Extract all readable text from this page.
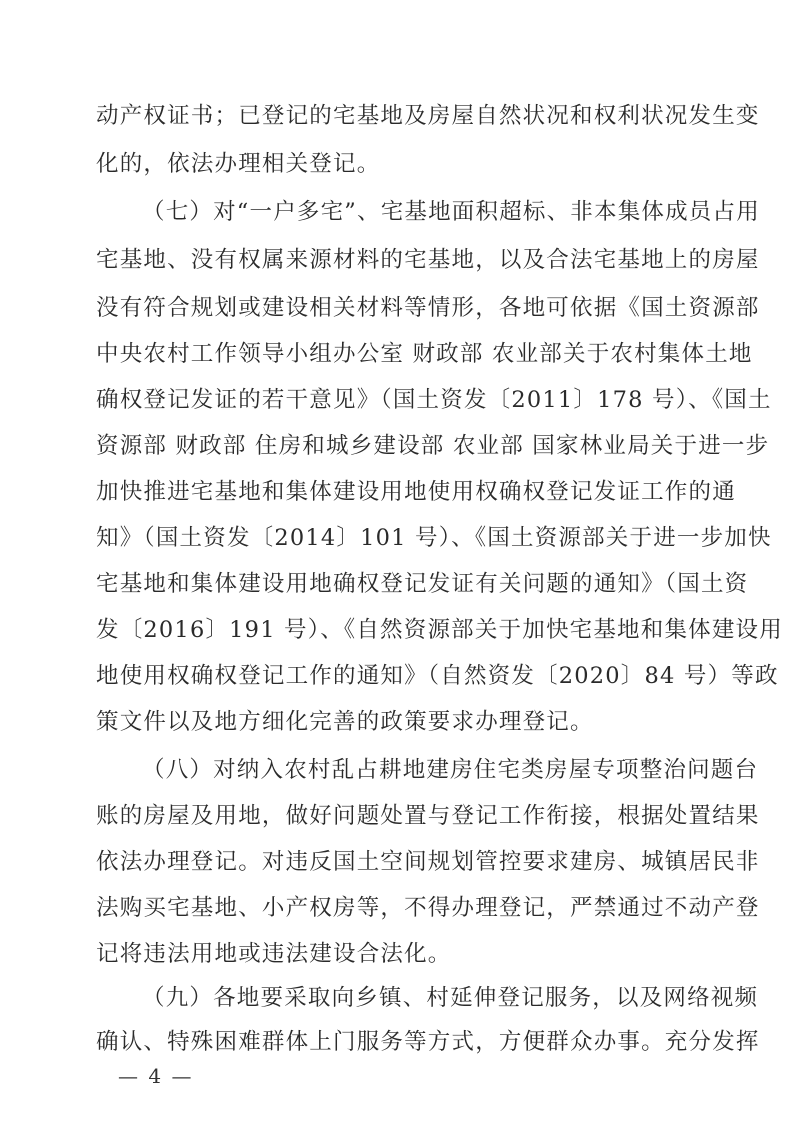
动产权证书；已登记的宅基地及房屋自然状况和权利状况发生变
化的，依法办理相关登记。
（七）对“一户多宅”、宅基地面积超标、非本集体成员占用
宅基地、没有权属来源材料的宅基地，以及合法宅基地上的房屋
没有符合规划或建设相关材料等情形，各地可依据《国土资源部
中央农村工作领导小组办公室 财政部 农业部关于农村集体土地
确权登记发证的若干意见》（国土资发〔2011〕178 号）、《国土
资源部 财政部 住房和城乡建设部 农业部 国家林业局关于进一步
加快推进宅基地和集体建设用地使用权确权登记发证工作的通
知》（国土资发〔2014〕101 号）、《国土资源部关于进一步加快
宅基地和集体建设用地确权登记发证有关问题的通知》（国土资
发〔2016〕191 号）、《自然资源部关于加快宅基地和集体建设用
地使用权确权登记工作的通知》（自然资发〔2020〕84 号）等政
策文件以及地方细化完善的政策要求办理登记。
（八）对纳入农村乱占耕地建房住宅类房屋专项整治问题台
账的房屋及用地，做好问题处置与登记工作衔接，根据处置结果
依法办理登记。对违反国土空间规划管控要求建房、城镇居民非
法购买宅基地、小产权房等，不得办理登记，严禁通过不动产登
记将违法用地或违法建设合法化。
（九）各地要采取向乡镇、村延伸登记服务，以及网络视频
确认、特殊困难群体上门服务等方式，方便群众办事。充分发挥
— 4 —
